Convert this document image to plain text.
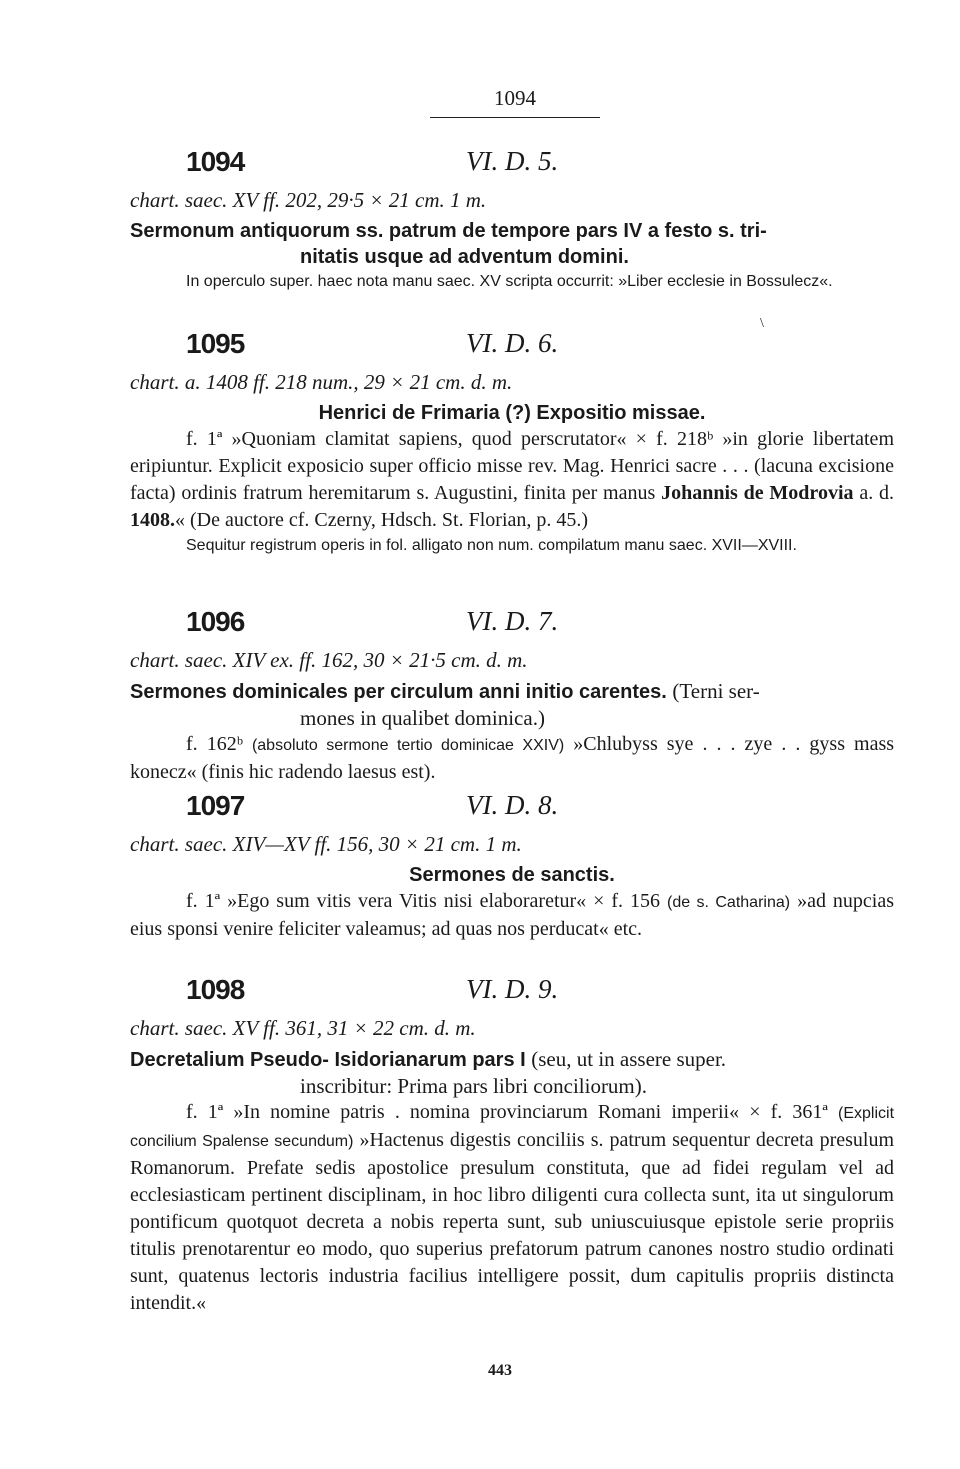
1094
1094	VI. D. 5.
chart. saec. XV ff. 202, 29·5 × 21 cm. 1 m.
Sermonum antiquorum ss. patrum de tempore pars IV a festo s. tri-
nitatis usque ad adventum domini.
In operculo super. haec nota manu saec. XV scripta occurrit: »Liber ecclesie in Bossulecz«.
\
1095	VI. D. 6.
chart. a. 1408 ff. 218 num., 29 × 21 cm. d. m.
Henrici de Frimaria (?) Expositio missae.
f. 1ª »Quoniam clamitat sapiens, quod perscrutator« × f. 218ᵇ »in glorie libertatem eripiuntur. Explicit exposicio super officio misse rev. Mag. Henrici sacre . . . (lacuna excisione facta) ordinis fratrum heremitarum s. Augustini, finita per manus Johannis de Modrovia a. d. 1408.« (De auctore cf. Czerny, Hdsch. St. Florian, p. 45.)
Sequitur registrum operis in fol. alligato non num. compilatum manu saec. XVII—XVIII.
1096	VI. D. 7.
chart. saec. XIV ex. ff. 162, 30 × 21·5 cm. d. m.
Sermones dominicales per circulum anni initio carentes. (Terni ser-
mones in qualibet dominica.)
f. 162ᵇ (absoluto sermone tertio dominicae XXIV) »Chlubyss sye . . . zye . . gyss mass konecz« (finis hic radendo laesus est).
1097	VI. D. 8.
chart. saec. XIV—XV ff. 156, 30 × 21 cm. 1 m.
Sermones de sanctis.
f. 1ª »Ego sum vitis vera Vitis nisi elaboraretur« × f. 156 (de s. Catharina) »ad nupcias eius sponsi venire feliciter valeamus; ad quas nos perducat« etc.
1098	VI. D. 9.
chart. saec. XV ff. 361, 31 × 22 cm. d. m.
Decretalium Pseudo- Isidorianarum pars I (seu, ut in assere super.
inscribitur: Prima pars libri conciliorum).
f. 1ª »In nomine patris . nomina provinciarum Romani imperii« × f. 361ª (Explicit concilium Spalense secundum) »Hactenus digestis conciliis s. patrum sequentur decreta presulum Romanorum. Prefate sedis apostolice presulum constituta, que ad fidei regulam vel ad ecclesiasticam pertinent disciplinam, in hoc libro diligenti cura collecta sunt, ita ut singulorum pontificum quotquot decreta a nobis reperta sunt, sub uniuscuiusque epistole serie propriis titulis prenotarentur eo modo, quo superius prefatorum patrum canones nostro studio ordinati sunt, quatenus lectoris industria facilius intelligere possit, dum capitulis propriis distincta intendit.«
443
